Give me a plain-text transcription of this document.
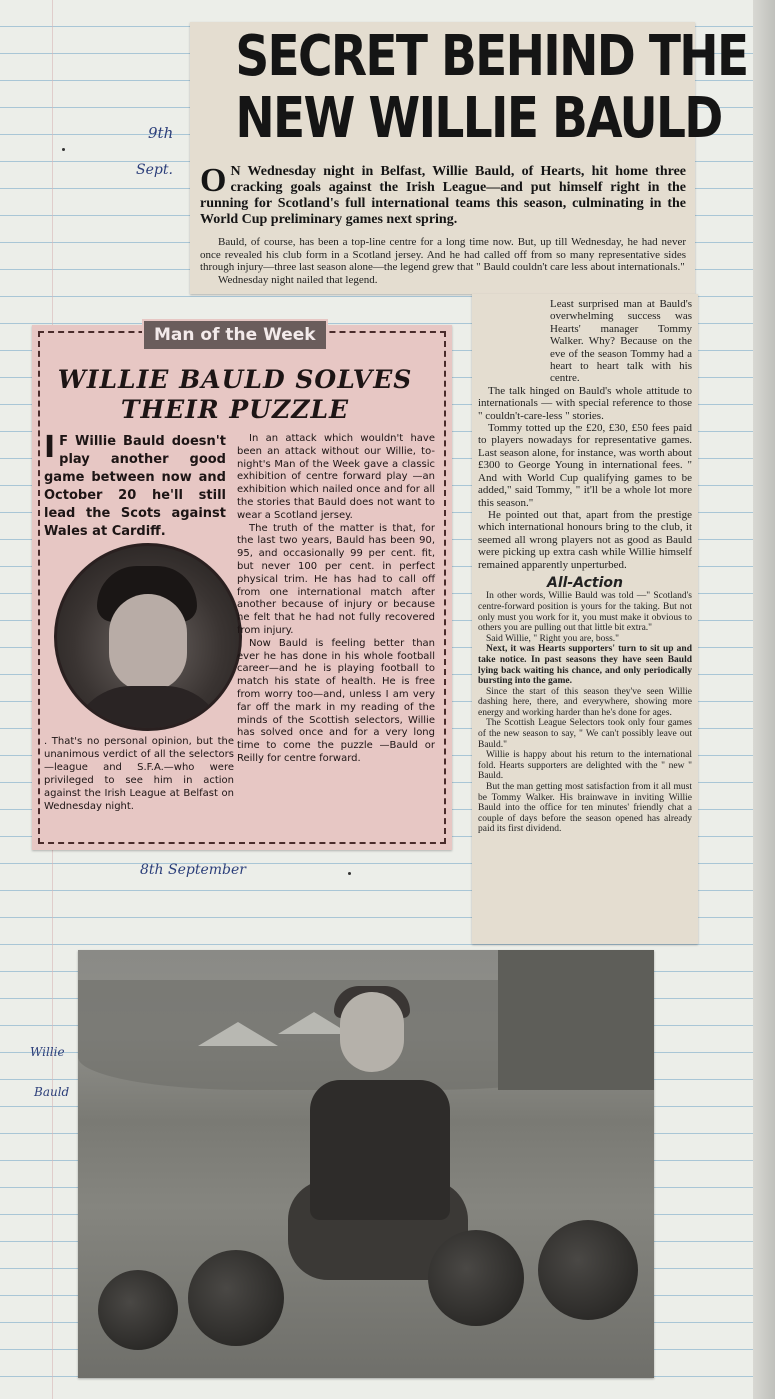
9th
Sept.
SECRET BEHIND THE
NEW WILLIE BAULD
O N Wednesday night in Belfast, Willie Bauld, of Hearts, hit home three cracking goals against the Irish League—and put himself right in the running for Scotland's full international teams this season, culminating in the World Cup preliminary games next spring.

Bauld, of course, has been a top-line centre for a long time now. But, up till Wednesday, he had never once revealed his club form in a Scotland jersey. And he had called off from so many representative sides through injury—three last season alone—the legend grew that " Bauld couldn't care less about internationals."

Wednesday night nailed that legend.

Least surprised man at Bauld's overwhelming success was Hearts' manager Tommy Walker. Why? Because on the eve of the season Tommy had a heart to heart talk with his centre.

The talk hinged on Bauld's whole attitude to internationals — with special reference to those " couldn't-care-less " stories.

Tommy totted up the £20, £30, £50 fees paid to players nowadays for representative games. Last season alone, for instance, was worth about £300 to George Young in international fees. " And with World Cup qualifying games to be added," said Tommy, " it'll be a whole lot more this season."

He pointed out that, apart from the prestige which international honours bring to the club, it seemed all wrong players not as good as Bauld were picking up extra cash while Willie himself remained apparently unperturbed.

All-Action

In other words, Willie Bauld was told —" Scotland's centre-forward position is yours for the taking. But not only must you work for it, you must make it obvious to others you are pulling out that little bit extra."

Said Willie, " Right you are, boss."

Next, it was Hearts supporters' turn to sit up and take notice. In past seasons they have seen Bauld lying back waiting his chance, and only periodically bursting into the game.

Since the start of this season they've seen Willie dashing here, there, and everywhere, showing more energy and working harder than he's done for ages.

The Scottish League Selectors took only four games of the new season to say, " We can't possibly leave out Bauld."

Willie is happy about his return to the international fold. Hearts supporters are delighted with the " new " Bauld.

But the man getting most satisfaction from it all must be Tommy Walker. His brainwave in inviting Willie Bauld into the office for ten minutes' friendly chat a couple of days before the season opened has already paid its first dividend.

Man of the Week
WILLIE BAULD SOLVES
THEIR PUZZLE
I F Willie Bauld doesn't play another good game between now and October 20 he'll still lead the Scots against Wales at Cardiff.
. That's no personal opinion, but the unanimous verdict of all the selectors—league and S.F.A.—who were privileged to see him in action against the Irish League at Belfast on Wednesday night.

In an attack which wouldn't have been an attack without our Willie, to-night's Man of the Week gave a classic exhibition of centre forward play —an exhibition which nailed once and for all the stories that Bauld does not want to wear a Scotland jersey.

The truth of the matter is that, for the last two years, Bauld has been 90, 95, and occasionally 99 per cent. fit, but never 100 per cent. in perfect physical trim. He has had to call off from one international match after another because of injury or because he felt that he had not fully recovered from injury.

Now Bauld is feeling better than ever he has done in his whole football career—and he is playing football to match his state of health. He is free from worry too—and, unless I am very far off the mark in my reading of the minds of the Scottish selectors, Willie has solved once and for a very long time to come the puzzle —Bauld or Reilly for centre forward.

8th September
Willie
Bauld
